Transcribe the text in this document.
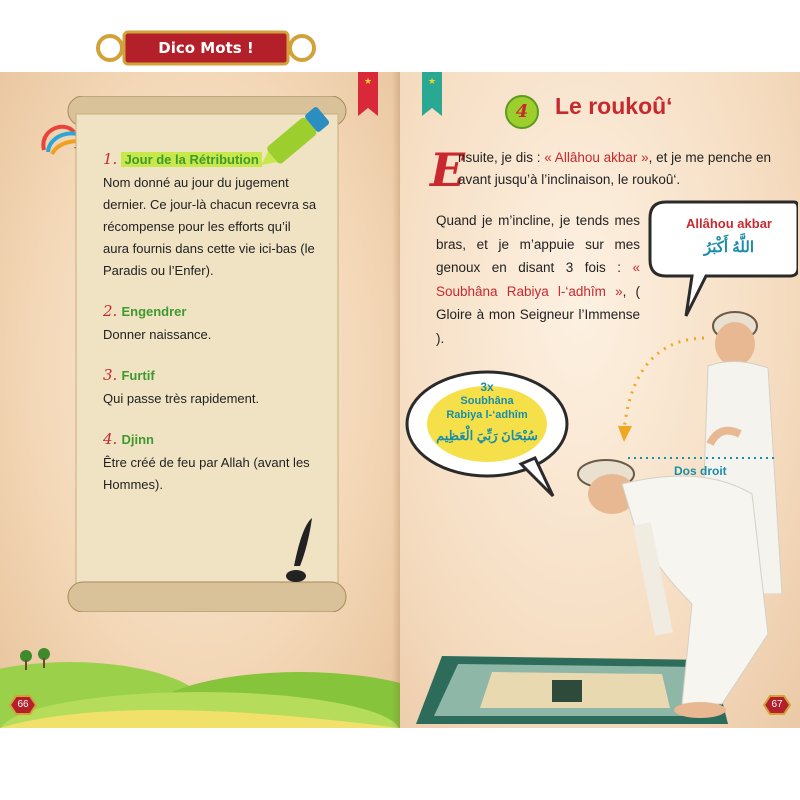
★	★
Dico Mots !
1. Jour de la Rétribution
Nom donné au jour du jugement dernier. Ce jour-là chacun recevra sa récompense pour les efforts qu’il aura fournis dans cette vie ici-bas (le Paradis ou l’Enfer).
2. Engendrer
Donner naissance.
3. Furtif
Qui passe très rapidement.
4. Djinn
Être créé de feu par Allah (avant les Hommes).
66	67
4	Le roukoû‘
E
nsuite, je dis : « Allâhou akbar », et je me penche en avant jusqu’à l’inclinaison, le roukoû‘.
Quand je m’incline, je tends mes bras, et je m’appuie sur mes genoux en disant 3 fois : « Soubhâna Rabiya l-‘adhîm », ( Gloire à mon Seigneur l’Immense ).
Allâhou akbar
اللَّهُ أَكْبَرُ
3x
Soubhâna
Rabiya l-‘adhîm
سُبْحَانَ رَبِّيَ الْعَظِيم
Dos droit
